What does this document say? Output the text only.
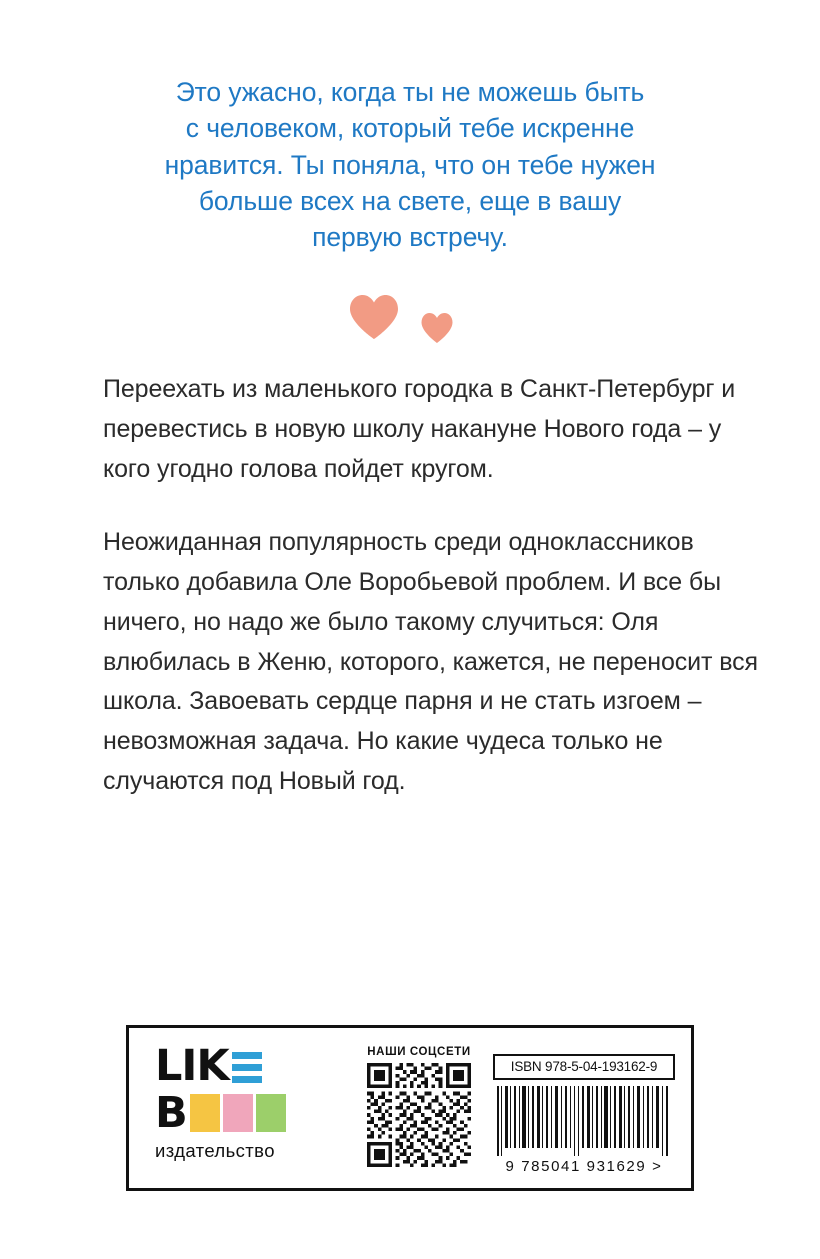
Это ужасно, когда ты не можешь быть

с человеком, который тебе искренне

нравится. Ты поняла, что он тебе нужен

больше всех на свете, еще в вашу

первую встречу.

Переехать из маленького городка в Санкт-Петербург и перевестись в новую школу накануне Нового года – у кого угодно голова пойдет кругом.

Неожиданная популярность среди одноклассников только добавила Оле Воробьевой проблем. И все бы ничего, но надо же было такому случиться: Оля влюбилась в Женю, которого, кажется, не переносит вся школа. Завоевать сердце парня и не стать изгоем – невозможная задача. Но какие чудеса только не случаются под Новый год.

LIK
B
издательство
НАШИ СОЦСЕТИ
ISBN 978-5-04-193162-9
9 785041 931629 >
